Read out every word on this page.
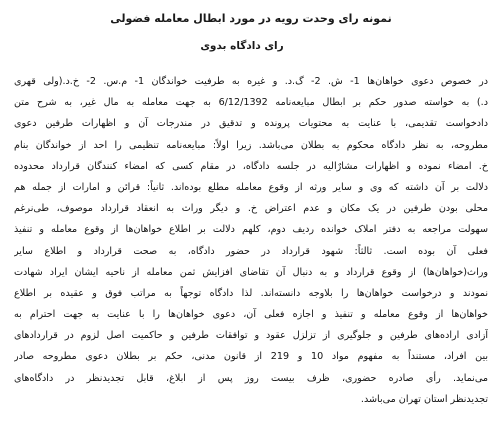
نمونه رای وحدت رویه در مورد ابطال معامله فضولی
رای دادگاه بدوی
در خصوص دعوی خواهان‌ها 1- ش. 2- گ.د. و غیره به طرفیت خواندگان 1- م.س. 2- خ.د.(ولی قهری
د.) به خواسته صدور حکم بر ابطال مبایعه‌نامه 6/12/1392 به جهت معامله به مال غیر، به شرح متن
دادخواست تقدیمی، با عنایت به محتویات پرونده و تدقیق در مندرجات آن و اظهارات طرفین دعوی
مطروحه، به نظر دادگاه محکوم به بطلان می‌باشد. زیرا اولاً: مبایعه‌نامه تنظیمی را احد از خواندگان بنام
خ. امضاء نموده و اظهارات مشارٌالیه در جلسه دادگاه، در مقام کسی که امضاء کنندگان قرارداد محدوده
دلالت بر آن داشته که وی و سایر ورثه از وقوع معامله مطلع بوده‌اند. ثانیاً: قرائن و امارات از جمله هم
محلی بودن طرفین در یک مکان و عدم اعتراض خ. و دیگر وراث به انعقاد قرارداد موصوف، طی‌نرغم
سهولت مراجعه به دفتر املاک خوانده ردیف دوم، کلهم دلالت بر اطلاع خواهان‌ها از وقوع معامله و تنفیذ
فعلی آن بوده است. ثالثاً: شهود قرارداد در حضور دادگاه، به صحت قرارداد و اطلاع سایر
وراث(خواهان‌ها) از وقوع قرارداد و به دنبال آن تقاضای افزایش ثمن معامله از ناحیه ایشان ایراد شهادت
نمودند و درخواست خواهان‌ها را بلاوجه دانسته‌اند. لذا دادگاه توجهاً به مراتب فوق و عقیده بر اطلاع
خواهان‌ها از وقوع معامله و تنفیذ و اجازه فعلی آن، دعوی خواهان‌ها را با عنایت به جهت احترام به
آزادی اراده‌های طرفین و جلوگیری از تزلزل عقود و توافقات طرفین و حاکمیت اصل لزوم در قراردادهای
بین افراد، مستنداً به مفهوم مواد 10 و 219 از قانون مدنی، حکم بر بطلان دعوی مطروحه صادر
می‌نماید. رأی صادره حضوری، ظرف بیست روز پس از ابلاغ، قابل تجدیدنظر در دادگاه‌های
تجدیدنظر استان تهران می‌باشد.
